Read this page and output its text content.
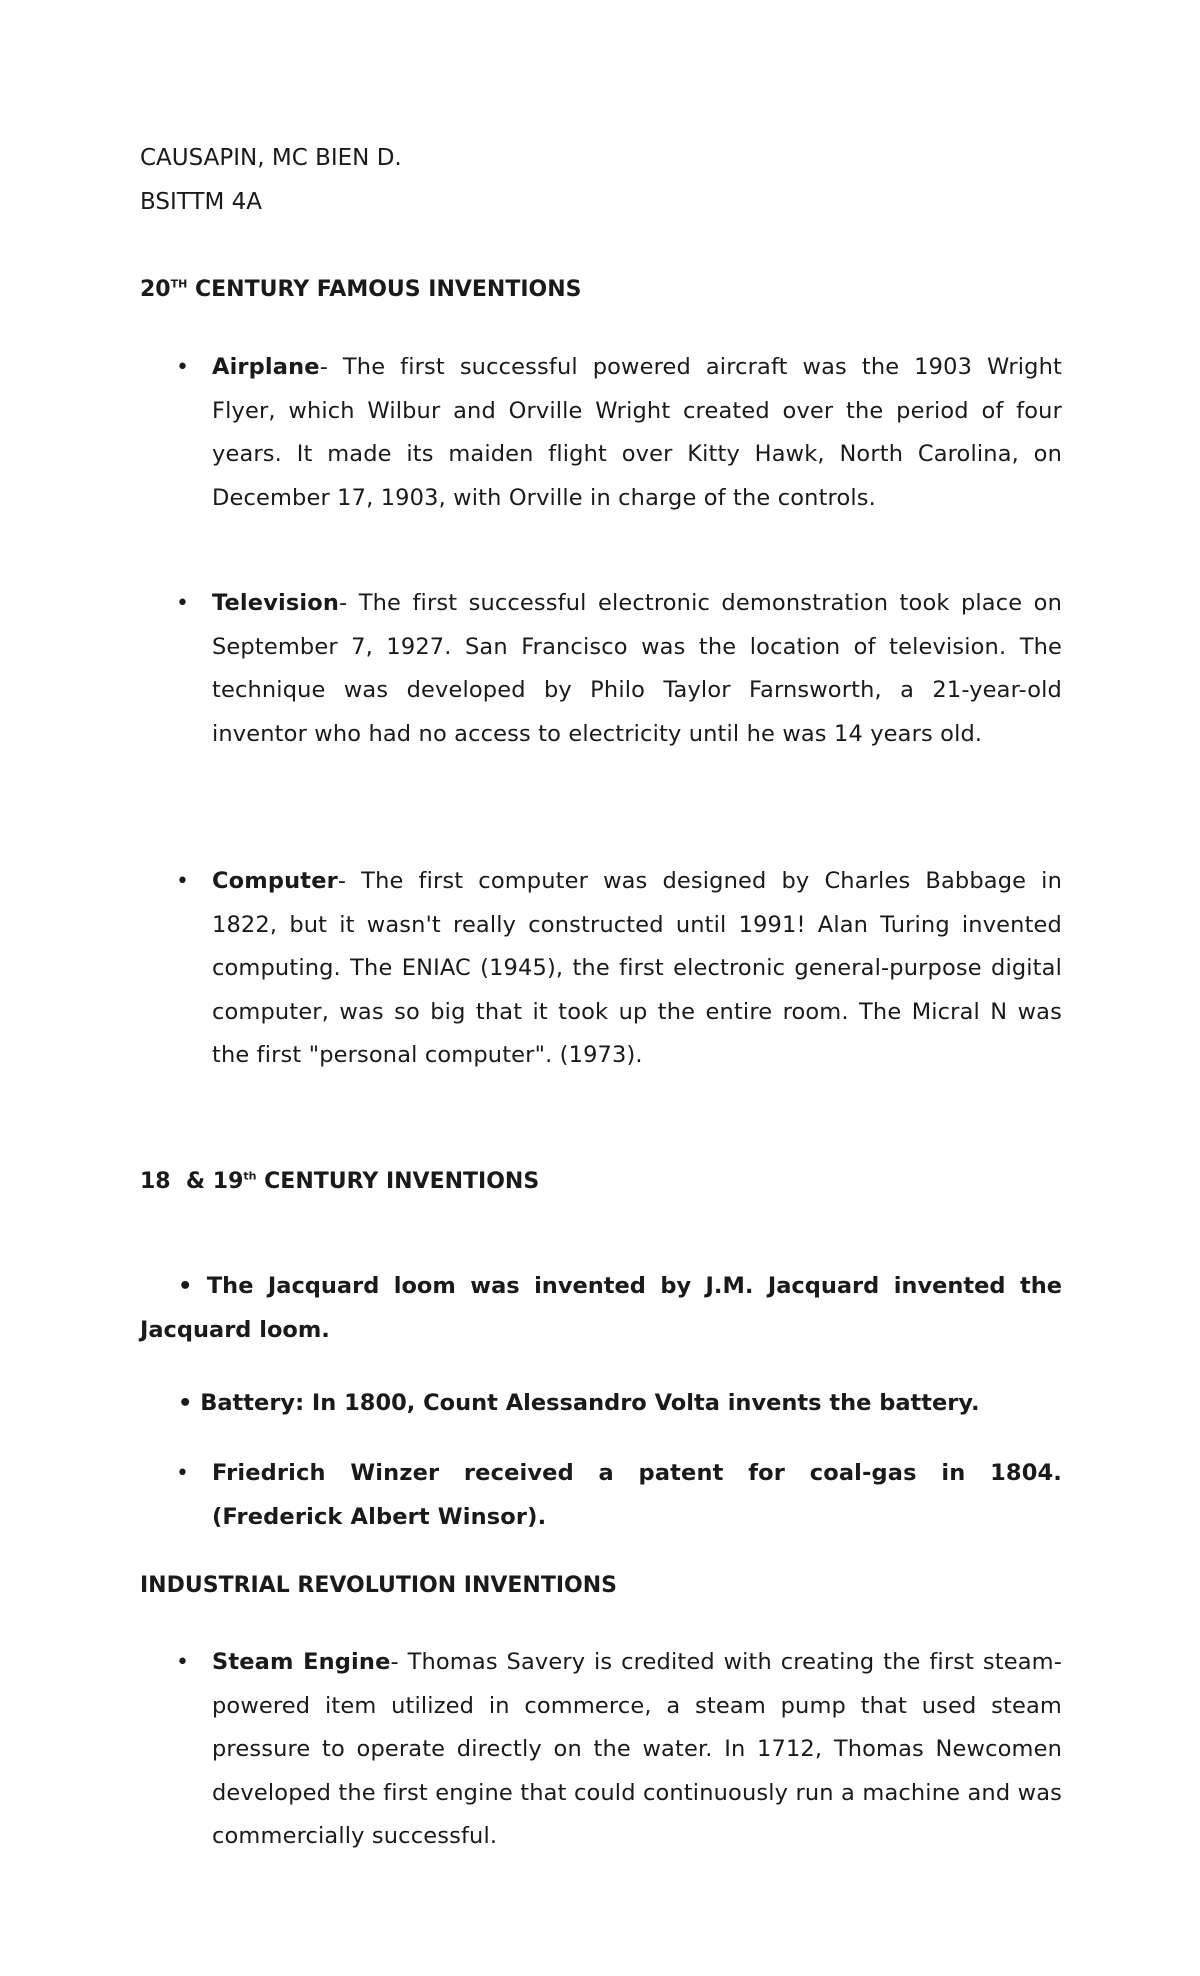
CAUSAPIN, MC BIEN D.
BSITTM 4A
20TH CENTURY FAMOUS INVENTIONS
• Airplane- The first successful powered aircraft was the 1903 Wright Flyer, which Wilbur and Orville Wright created over the period of four years. It made its maiden flight over Kitty Hawk, North Carolina, on December 17, 1903, with Orville in charge of the controls.
• Television- The first successful electronic demonstration took place on September 7, 1927. San Francisco was the location of television. The technique was developed by Philo Taylor Farnsworth, a 21-year-old inventor who had no access to electricity until he was 14 years old.
• Computer- The first computer was designed by Charles Babbage in 1822, but it wasn't really constructed until 1991! Alan Turing invented computing. The ENIAC (1945), the first electronic general-purpose digital computer, was so big that it took up the entire room. The Micral N was the first "personal computer". (1973).
18  & 19th CENTURY INVENTIONS
• The Jacquard loom was invented by J.M. Jacquard invented the Jacquard loom.
• Battery: In 1800, Count Alessandro Volta invents the battery.
• Friedrich Winzer received a patent for coal-gas in 1804. (Frederick Albert Winsor).
INDUSTRIAL REVOLUTION INVENTIONS
• Steam Engine- Thomas Savery is credited with creating the first steam-powered item utilized in commerce, a steam pump that used steam pressure to operate directly on the water. In 1712, Thomas Newcomen developed the first engine that could continuously run a machine and was commercially successful.
